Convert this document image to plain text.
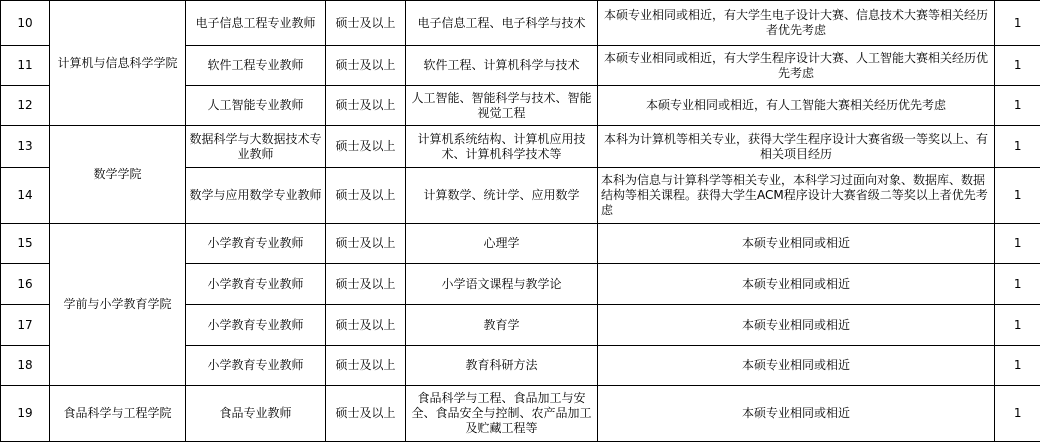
10	计算机与信息科学学院	电子信息工程专业教师	硕士及以上	电子信息工程、电子科学与技术	本硕专业相同或相近，有大学生电子设计大赛、信息技术大赛等相关经历者优先考虑	1
11		软件工程专业教师	硕士及以上	软件工程、计算机科学与技术	本硕专业相同或相近，有大学生程序设计大赛、人工智能大赛相关经历优先考虑	1
12		人工智能专业教师	硕士及以上	人工智能、智能科学与技术、智能视觉工程	本硕专业相同或相近，有人工智能大赛相关经历优先考虑	1
13	数学学院	数据科学与大数据技术专业教师	硕士及以上	计算机系统结构、计算机应用技术、计算机科学技术等	本科为计算机等相关专业，获得大学生程序设计大赛省级一等奖以上、有相关项目经历	1
14		数学与应用数学专业教师	硕士及以上	计算数学、统计学、应用数学	本科为信息与计算科学等相关专业，本科学习过面向对象、数据库、数据结构等相关课程。获得大学生ACM程序设计大赛省级二等奖以上者优先考虑	1
15	学前与小学教育学院	小学教育专业教师	硕士及以上	心理学	本硕专业相同或相近	1
16		小学教育专业教师	硕士及以上	小学语文课程与教学论	本硕专业相同或相近	1
17		小学教育专业教师	硕士及以上	教育学	本硕专业相同或相近	1
18		小学教育专业教师	硕士及以上	教育科研方法	本硕专业相同或相近	1
19	食品科学与工程学院	食品专业教师	硕士及以上	食品科学与工程、食品加工与安全、食品安全与控制、农产品加工及贮藏工程等	本硕专业相同或相近	1
